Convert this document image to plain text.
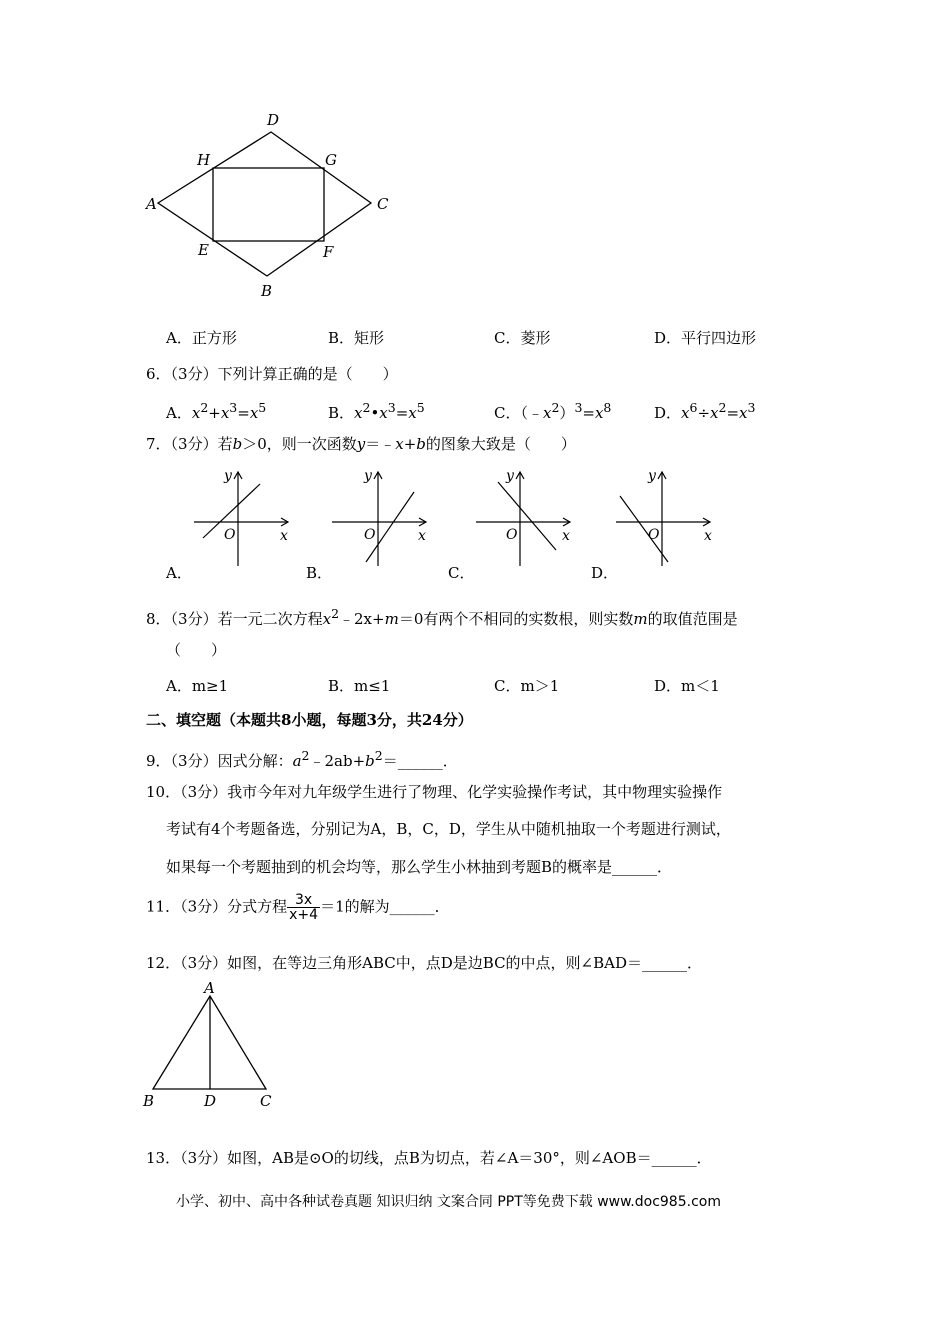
A
D
C
B
H	G
E	F
A．正方形	B．矩形	C．菱形	D．平行四边形
6．（3分）下列计算正确的是（　　）
A．$x^2+x^3=x^5$	B．$x^2•x^3=x^5$	C．$(﹣x^2)^3=x^8$	D．$x^6\div x^2=x^3$
7．（3分）若b＞0，则一次函数y＝﹣x+b的图象大致是（　　）
y
x
O
y
x
O
y
x
O
y
x
O
A．	B．	C．	D．
8．（3分）若一元二次方程$x^2﹣2x+m=0$有两个不相同的实数根，则实数m的取值范围是
（　　）
A．m≥1	B．m≤1	C．m＞1	D．m＜1
二、填空题（本题共8小题，每题3分，共24分）
9．（3分）因式分解：$a^2﹣2ab+b^2=\_\_\_\_\_\_$．
10．（3分）我市今年对九年级学生进行了物理、化学实验操作考试，其中物理实验操作
考试有4个考题备选，分别记为A，B，C，D，学生从中随机抽取一个考题进行测试，
如果每一个考题抽到的机会均等，那么学生小林抽到考题B的概率是______．
11．（3分）分式方程 $\frac{3x}{x+4} =1$的解为______．
12．（3分）如图，在等边三角形ABC中，点D是边BC的中点，则∠BAD＝______．
A
B	D	C
13．（3分）如图，AB是⊙O的切线，点B为切点，若∠A＝30°，则∠AOB＝______．
小学、初中、高中各种试卷真题 知识归纳 文案合同 PPT等免费下载 www.doc985.com
